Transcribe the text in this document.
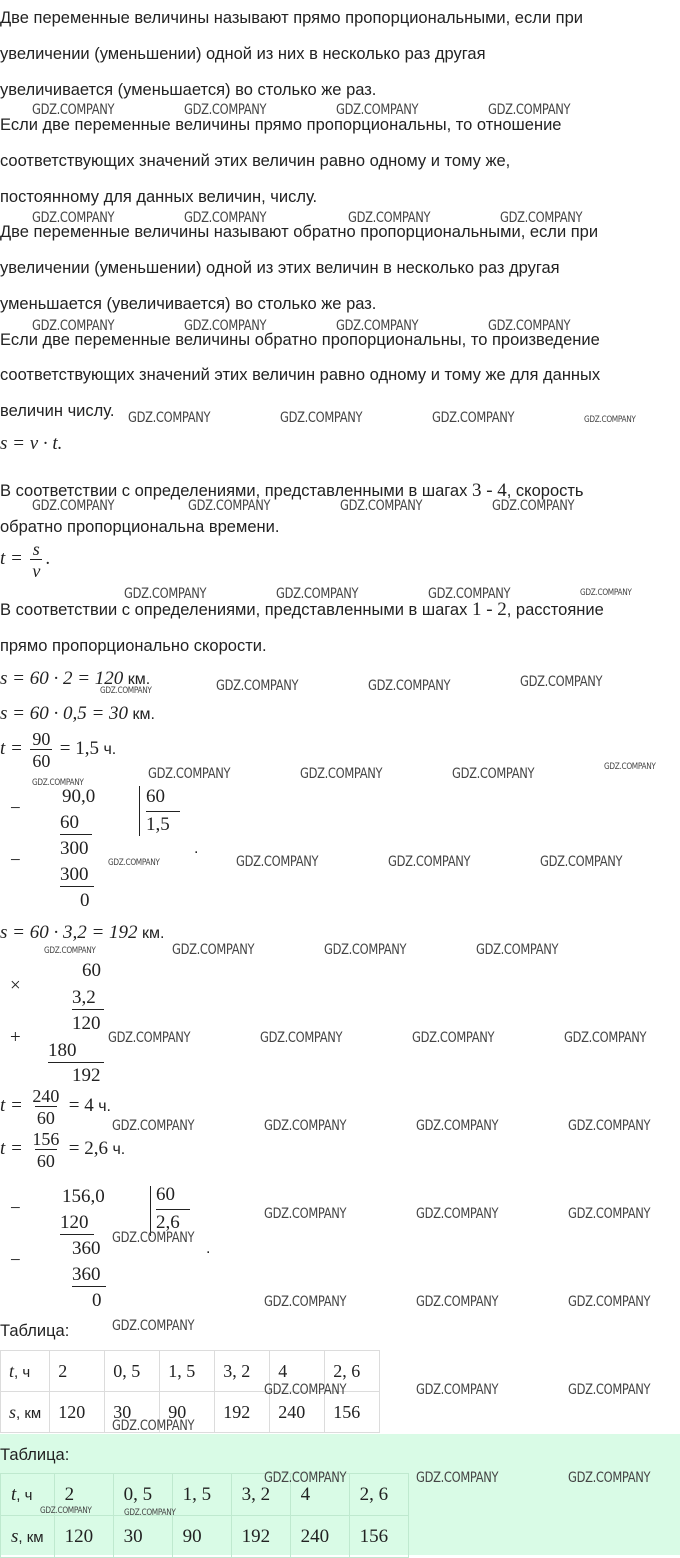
Две переменные величины называют прямо пропорциональными, если при
увеличении (уменьшении) одной из них в несколько раз другая
увеличивается (уменьшается) во столько же раз.
Если две переменные величины прямо пропорциональны, то отношение
соответствующих значений этих величин равно одному и тому же,
постоянному для данных величин, числу.
Две переменные величины называют обратно пропорциональными, если при
увеличении (уменьшении) одной из этих величин в несколько раз другая
уменьшается (увеличивается) во столько же раз.
Если две переменные величины обратно пропорциональны, то произведение
соответствующих значений этих величин равно одному и тому же для данных
величин числу.
s = v · t.
В соответствии с определениями, представленными в шагах 3 - 4, скорость
обратно пропорциональна времени.
$t = \frac{s}{v}$ .
В соответствии с определениями, представленными в шагах 1 - 2, расстояние
прямо пропорционально скорости.
s = 60 · 2 = 120 км.
s = 60 · 0,5 = 30 км.
$t = \frac{90}{60} = 1,5$ ч.
−
90,0
60
60
1,5
−
300
300
0
.
s = 60 · 3,2 = 192 км.
×
60
3,2
120
+
180
192
$t = \frac{240}{60} = 4$ ч.
$t = \frac{156}{60} = 2,6$ ч.
−
156,0
120
60
2,6
−
360
360
0
.
Таблица:
t, ч	2	0, 5	1, 5	3, 2	4	2, 6
s, км	120	30	90	192	240	156
Таблица:
t, ч	2	0, 5	1, 5	3, 2	4	2, 6
s, км	120	30	90	192	240	156
GDZ.COMPANY	GDZ.COMPANY	GDZ.COMPANY	GDZ.COMPANY
GDZ.COMPANY	GDZ.COMPANY	GDZ.COMPANY	GDZ.COMPANY
GDZ.COMPANY	GDZ.COMPANY	GDZ.COMPANY	GDZ.COMPANY
GDZ.COMPANY	GDZ.COMPANY	GDZ.COMPANY	GDZ.COMPANY
GDZ.COMPANY	GDZ.COMPANY	GDZ.COMPANY	GDZ.COMPANY
GDZ.COMPANY	GDZ.COMPANY	GDZ.COMPANY	GDZ.COMPANY
GDZ.COMPANY	GDZ.COMPANY	GDZ.COMPANY	GDZ.COMPANY
GDZ.COMPANY
GDZ.COMPANY	GDZ.COMPANY	GDZ.COMPANY	GDZ.COMPANY
GDZ.COMPANY	GDZ.COMPANY	GDZ.COMPANY	GDZ.COMPANY
GDZ.COMPANY	GDZ.COMPANY	GDZ.COMPANY	GDZ.COMPANY
GDZ.COMPANY	GDZ.COMPANY	GDZ.COMPANY	GDZ.COMPANY
GDZ.COMPANY	GDZ.COMPANY	GDZ.COMPANY	GDZ.COMPANY
GDZ.COMPANY
GDZ.COMPANY	GDZ.COMPANY	GDZ.COMPANY
GDZ.COMPANY	GDZ.COMPANY	GDZ.COMPANY
GDZ.COMPANY
GDZ.COMPANY	GDZ.COMPANY	GDZ.COMPANY
GDZ.COMPANY
GDZ.COMPANY	GDZ.COMPANY	GDZ.COMPANY
GDZ.COMPANY	GDZ.COMPANY
